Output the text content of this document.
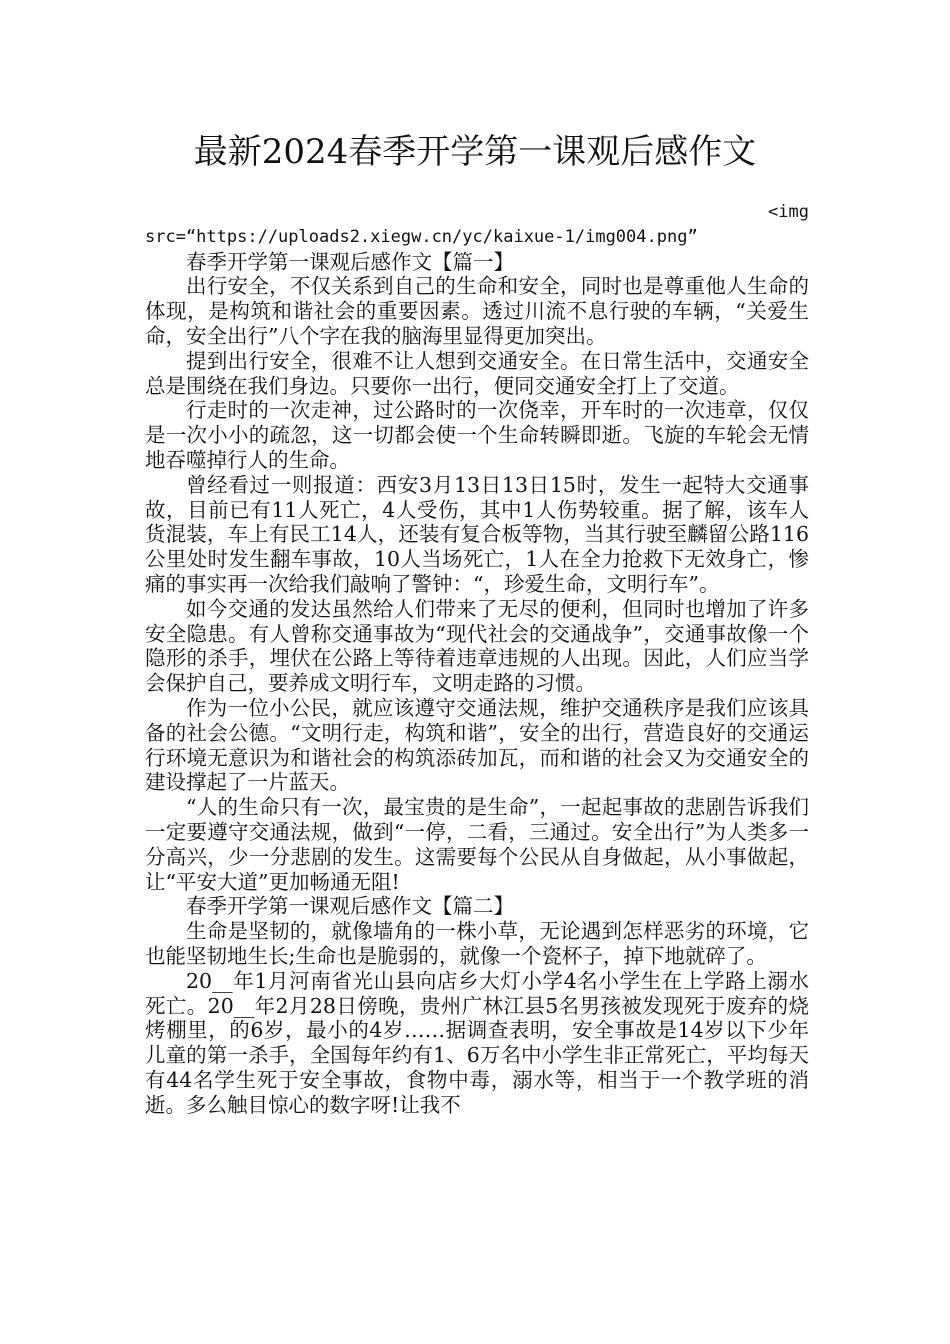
最新2024春季开学第一课观后感作文

<img

src=“https://uploads2.xiegw.cn/yc/kaixue-1/img004.png”

春季开学第一课观后感作文【篇一】

出行安全，不仅关系到自己的生命和安全，同时也是尊重他人生命的体现，是构筑和谐社会的重要因素。透过川流不息行驶的车辆，“关爱生命，安全出行”八个字在我的脑海里显得更加突出。

提到出行安全，很难不让人想到交通安全。在日常生活中，交通安全总是围绕在我们身边。只要你一出行，便同交通安全打上了交道。

行走时的一次走神，过公路时的一次侥幸，开车时的一次违章，仅仅是一次小小的疏忽，这一切都会使一个生命转瞬即逝。飞旋的车轮会无情地吞噬掉行人的生命。

曾经看过一则报道：西安3月13日13日15时，发生一起特大交通事故，目前已有11人死亡，4人受伤，其中1人伤势较重。据了解，该车人货混装，车上有民工14人，还装有复合板等物，当其行驶至麟留公路116公里处时发生翻车事故，10人当场死亡，1人在全力抢救下无效身亡，惨痛的事实再一次给我们敲响了警钟：“，珍爱生命，文明行车”。

如今交通的发达虽然给人们带来了无尽的便利，但同时也增加了许多安全隐患。有人曾称交通事故为“现代社会的交通战争”，交通事故像一个隐形的杀手，埋伏在公路上等待着违章违规的人出现。因此，人们应当学会保护自己，要养成文明行车，文明走路的习惯。

作为一位小公民，就应该遵守交通法规，维护交通秩序是我们应该具备的社会公德。“文明行走，构筑和谐”，安全的出行，营造良好的交通运行环境无意识为和谐社会的构筑添砖加瓦，而和谐的社会又为交通安全的建设撑起了一片蓝天。

“人的生命只有一次，最宝贵的是生命”，一起起事故的悲剧告诉我们一定要遵守交通法规，做到“一停，二看，三通过。安全出行”为人类多一分高兴，少一分悲剧的发生。这需要每个公民从自身做起，从小事做起，让“平安大道”更加畅通无阻!

春季开学第一课观后感作文【篇二】

生命是坚韧的，就像墙角的一株小草，无论遇到怎样恶劣的环境，它也能坚韧地生长;生命也是脆弱的，就像一个瓷杯子，掉下地就碎了。

20__年1月河南省光山县向店乡大灯小学4名小学生在上学路上溺水死亡。20__年2月28日傍晚，贵州广林江县5名男孩被发现死于废弃的烧烤棚里，的6岁，最小的4岁……据调查表明，安全事故是14岁以下少年儿童的第一杀手，全国每年约有1、6万名中小学生非正常死亡，平均每天有44名学生死于安全事故，食物中毒，溺水等，相当于一个教学班的消逝。多么触目惊心的数字呀!让我不
